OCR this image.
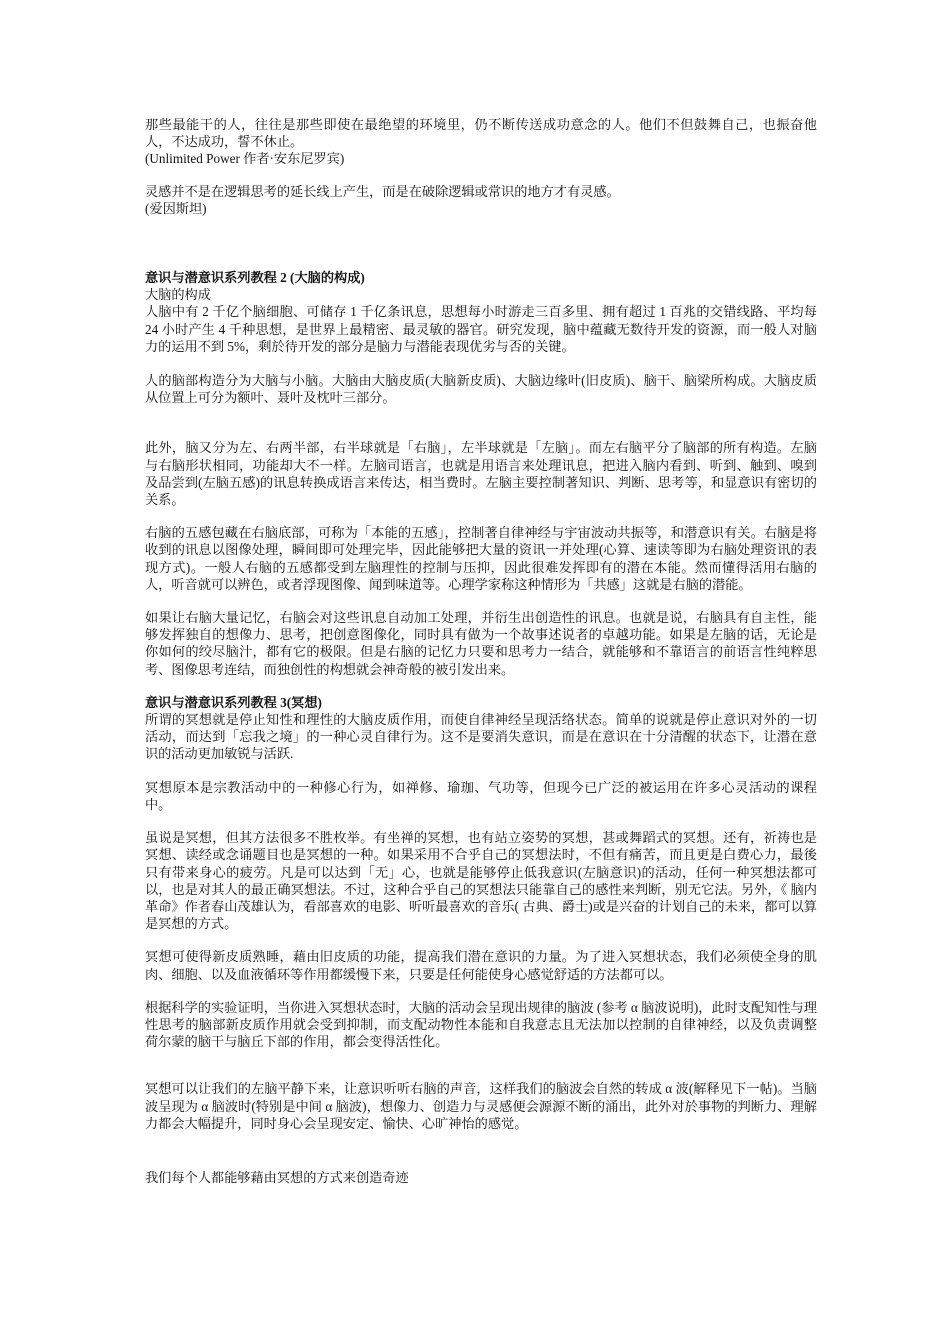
那些最能干的人，往往是那些即使在最绝望的环境里，仍不断传送成功意念的人。他们不但鼓舞自己，也振奋他人，不达成功，誓不休止。

(Unlimited Power 作者·安东尼罗宾)

灵感并不是在逻辑思考的延长线上产生，而是在破除逻辑或常识的地方才有灵感。

(爱因斯坦)

意识与潜意识系列教程 2 (大脑的构成)

大脑的构成

人脑中有 2 千亿个脑细胞、可储存 1 千亿条讯息，思想每小时游走三百多里、拥有超过 1 百兆的交错线路、平均每 24 小时产生 4 千种思想，是世界上最精密、最灵敏的器官。研究发现，脑中蕴藏无数待开发的资源，而一般人对脑力的运用不到 5%，剩於待开发的部分是脑力与潜能表现优劣与否的关键。

人的脑部构造分为大脑与小脑。大脑由大脑皮质(大脑新皮质)、大脑边缘叶(旧皮质)、脑干、脑梁所构成。大脑皮质从位置上可分为额叶、聂叶及枕叶三部分。

此外，脑又分为左、右两半部，右半球就是「右脑」，左半球就是「左脑」。而左右脑平分了脑部的所有构造。左脑与右脑形状相同，功能却大不一样。左脑司语言，也就是用语言来处理讯息，把进入脑内看到、听到、触到、嗅到及品尝到(左脑五感)的讯息转换成语言来传达，相当费时。左脑主要控制著知识、判断、思考等，和显意识有密切的关系。

右脑的五感包藏在右脑底部，可称为「本能的五感」，控制著自律神经与宇宙波动共振等，和潜意识有关。右脑是将收到的讯息以图像处理，瞬间即可处理完毕，因此能够把大量的资讯一并处理(心算、速读等即为右脑处理资讯的表现方式)。一般人右脑的五感都受到左脑理性的控制与压抑，因此很难发挥即有的潜在本能。然而懂得活用右脑的人，听音就可以辨色，或者浮现图像、闻到味道等。心理学家称这种情形为「共感」这就是右脑的潜能。

如果让右脑大量记忆，右脑会对这些讯息自动加工处理，并衍生出创造性的讯息。也就是说，右脑具有自主性，能够发挥独自的想像力、思考，把创意图像化，同时具有做为一个故事述说者的卓越功能。如果是左脑的话，无论是你如何的绞尽脑汁，都有它的极限。但是右脑的记忆力只要和思考力一结合，就能够和不靠语言的前语言性纯粹思考、图像思考连结，而独创性的构想就会神奇般的被引发出来。

意识与潜意识系列教程 3(冥想)

所谓的冥想就是停止知性和理性的大脑皮质作用，而使自律神经呈现活络状态。简单的说就是停止意识对外的一切活动，而达到「忘我之境」的一种心灵自律行为。这不是要消失意识，而是在意识在十分清醒的状态下，让潜在意识的活动更加敏锐与活跃.

冥想原本是宗教活动中的一种修心行为，如禅修、瑜珈、气功等，但现今已广泛的被运用在许多心灵活动的课程中。

虽说是冥想，但其方法很多不胜枚举。有坐禅的冥想，也有站立姿势的冥想，甚或舞蹈式的冥想。还有，祈祷也是冥想、读经或念诵题目也是冥想的一种。如果采用不合乎自己的冥想法时，不但有痛苦，而且更是白费心力，最後只有带来身心的疲劳。凡是可以达到「无」心，也就是能够停止低我意识(左脑意识)的活动，任何一种冥想法都可以，也是对其人的最正确冥想法。不过，这种合乎自己的冥想法只能靠自己的感性来判断，别无它法。另外，《 脑内革命》作者春山茂雄认为，看部喜欢的电影、听听最喜欢的音乐( 古典、爵士)或是兴奋的计划自己的未来，都可以算是冥想的方式。

冥想可使得新皮质熟睡，藉由旧皮质的功能，提高我们潜在意识的力量。为了进入冥想状态，我们必须使全身的肌肉、细胞、以及血液循环等作用都缓慢下来，只要是任何能使身心感觉舒适的方法都可以。

根据科学的实验证明，当你进入冥想状态时，大脑的活动会呈现出规律的脑波 (参考 α 脑波说明)，此时支配知性与理性思考的脑部新皮质作用就会受到抑制，而支配动物性本能和自我意志且无法加以控制的自律神经，以及负责调整荷尔蒙的脑干与脑丘下部的作用，都会变得活性化。

冥想可以让我们的左脑平静下来，让意识听听右脑的声音，这样我们的脑波会自然的转成 α 波(解释见下一帖)。当脑波呈现为 α 脑波时(特别是中间 α 脑波)，想像力、创造力与灵感便会源源不断的涌出，此外对於事物的判断力、理解力都会大幅提升，同时身心会呈现安定、愉快、心旷神怡的感觉。

我们每个人都能够藉由冥想的方式来创造奇迹
